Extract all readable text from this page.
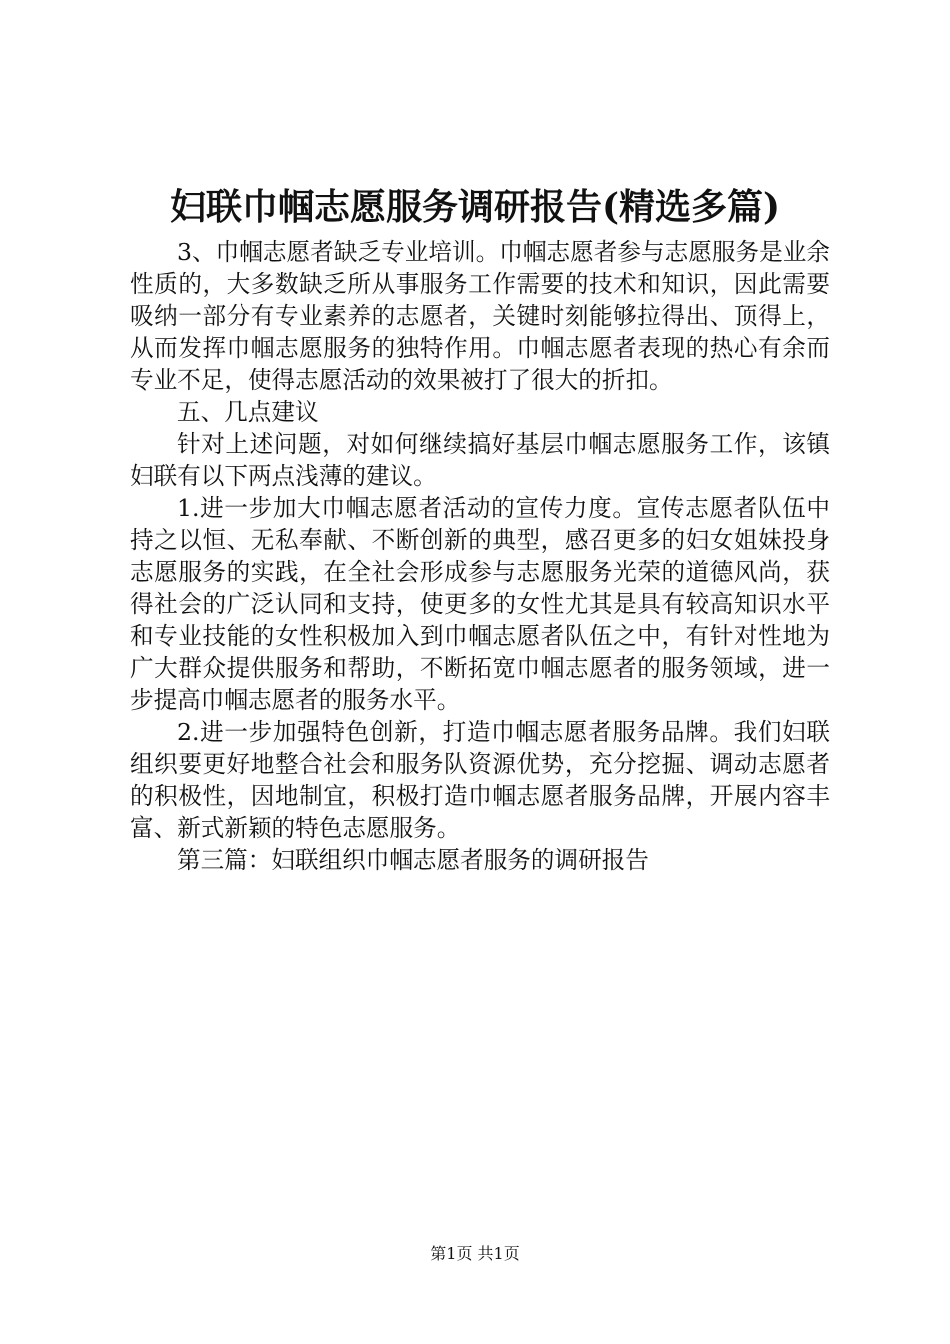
妇联巾帼志愿服务调研报告(精选多篇)

3、巾帼志愿者缺乏专业培训。巾帼志愿者参与志愿服务是业余性质的，大多数缺乏所从事服务工作需要的技术和知识，因此需要吸纳一部分有专业素养的志愿者，关键时刻能够拉得出、顶得上，从而发挥巾帼志愿服务的独特作用。巾帼志愿者表现的热心有余而专业不足，使得志愿活动的效果被打了很大的折扣。

五、几点建议

针对上述问题，对如何继续搞好基层巾帼志愿服务工作，该镇妇联有以下两点浅薄的建议。

1.进一步加大巾帼志愿者活动的宣传力度。宣传志愿者队伍中持之以恒、无私奉献、不断创新的典型，感召更多的妇女姐妹投身志愿服务的实践，在全社会形成参与志愿服务光荣的道德风尚，获得社会的广泛认同和支持，使更多的女性尤其是具有较高知识水平和专业技能的女性积极加入到巾帼志愿者队伍之中，有针对性地为广大群众提供服务和帮助，不断拓宽巾帼志愿者的服务领域，进一步提高巾帼志愿者的服务水平。

2.进一步加强特色创新，打造巾帼志愿者服务品牌。我们妇联组织要更好地整合社会和服务队资源优势，充分挖掘、调动志愿者的积极性，因地制宜，积极打造巾帼志愿者服务品牌，开展内容丰富、新式新颖的特色志愿服务。

第三篇：妇联组织巾帼志愿者服务的调研报告

第1页 共1页
